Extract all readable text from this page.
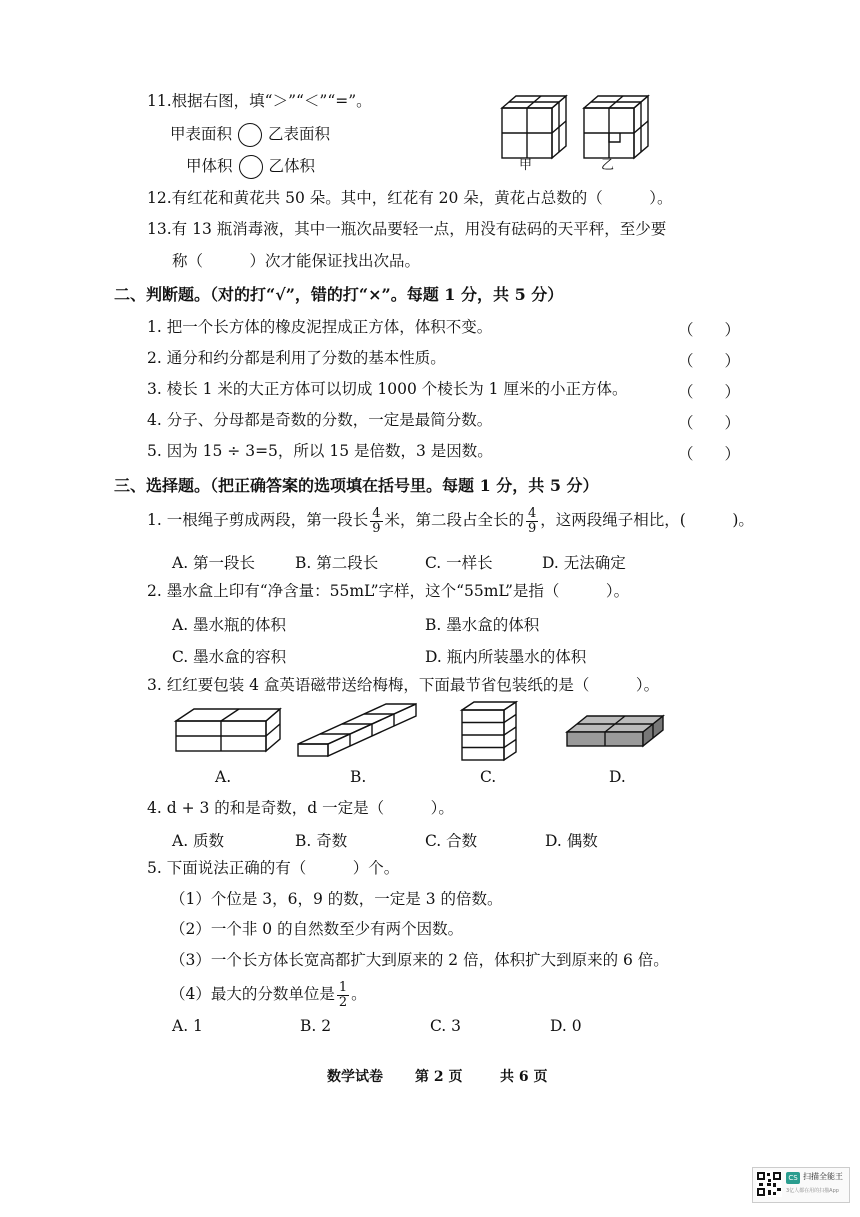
11.根据右图，填“＞”“＜”“=”。
甲表面积 乙表面积
甲体积 乙体积	甲	乙
12.有红花和黄花共 50 朵。其中，红花有 20 朵，黄花占总数的（　　　）。
13.有 13 瓶消毒液，其中一瓶次品要轻一点，用没有砝码的天平秤，至少要
称（　　　）次才能保证找出次品。
二、判断题。（对的打“√”，错的打“×”。每题 1 分，共 5 分）
1. 把一个长方体的橡皮泥捏成正方体，体积不变。	（　　）
2. 通分和约分都是利用了分数的基本性质。	（　　）
3. 棱长 1 米的大正方体可以切成 1000 个棱长为 1 厘米的小正方体。	（　　）
4. 分子、分母都是奇数的分数，一定是最简分数。	（　　）
5. 因为 15 ÷ 3=5，所以 15 是倍数，3 是因数。	（　　）
三、选择题。（把正确答案的选项填在括号里。每题 1 分，共 5 分）
1. 一根绳子剪成两段，第一段长 $\frac{4}{9}$ 米，第二段占全长的 $\frac{4}{9}$ ，这两段绳子相比，(　　　)。
A. 第一段长	B. 第二段长	C. 一样长	D. 无法确定
2. 墨水盒上印有“净含量：55mL”字样，这个“55mL”是指（　　　）。
A. 墨水瓶的体积	B. 墨水盒的体积
C. 墨水盒的容积	D. 瓶内所装墨水的体积
3. 红红要包装 4 盒英语磁带送给梅梅，下面最节省包装纸的是（　　　）。
A.	B.	C.	D.
4. d + 3 的和是奇数，d 一定是（　　　）。
A. 质数	B. 奇数	C. 合数	D. 偶数
5. 下面说法正确的有（　　　）个。
（1）个位是 3，6，9 的数，一定是 3 的倍数。
（2）一个非 0 的自然数至少有两个因数。
（3）一个长方体长宽高都扩大到原来的 2 倍，体积扩大到原来的 6 倍。
（4）最大的分数单位是 $\frac{1}{2}$ 。
A. 1	B. 2	C. 3	D. 0
数学试卷 第 2 页	共 6 页
CS 扫描全能王
3亿人都在用的扫描App
